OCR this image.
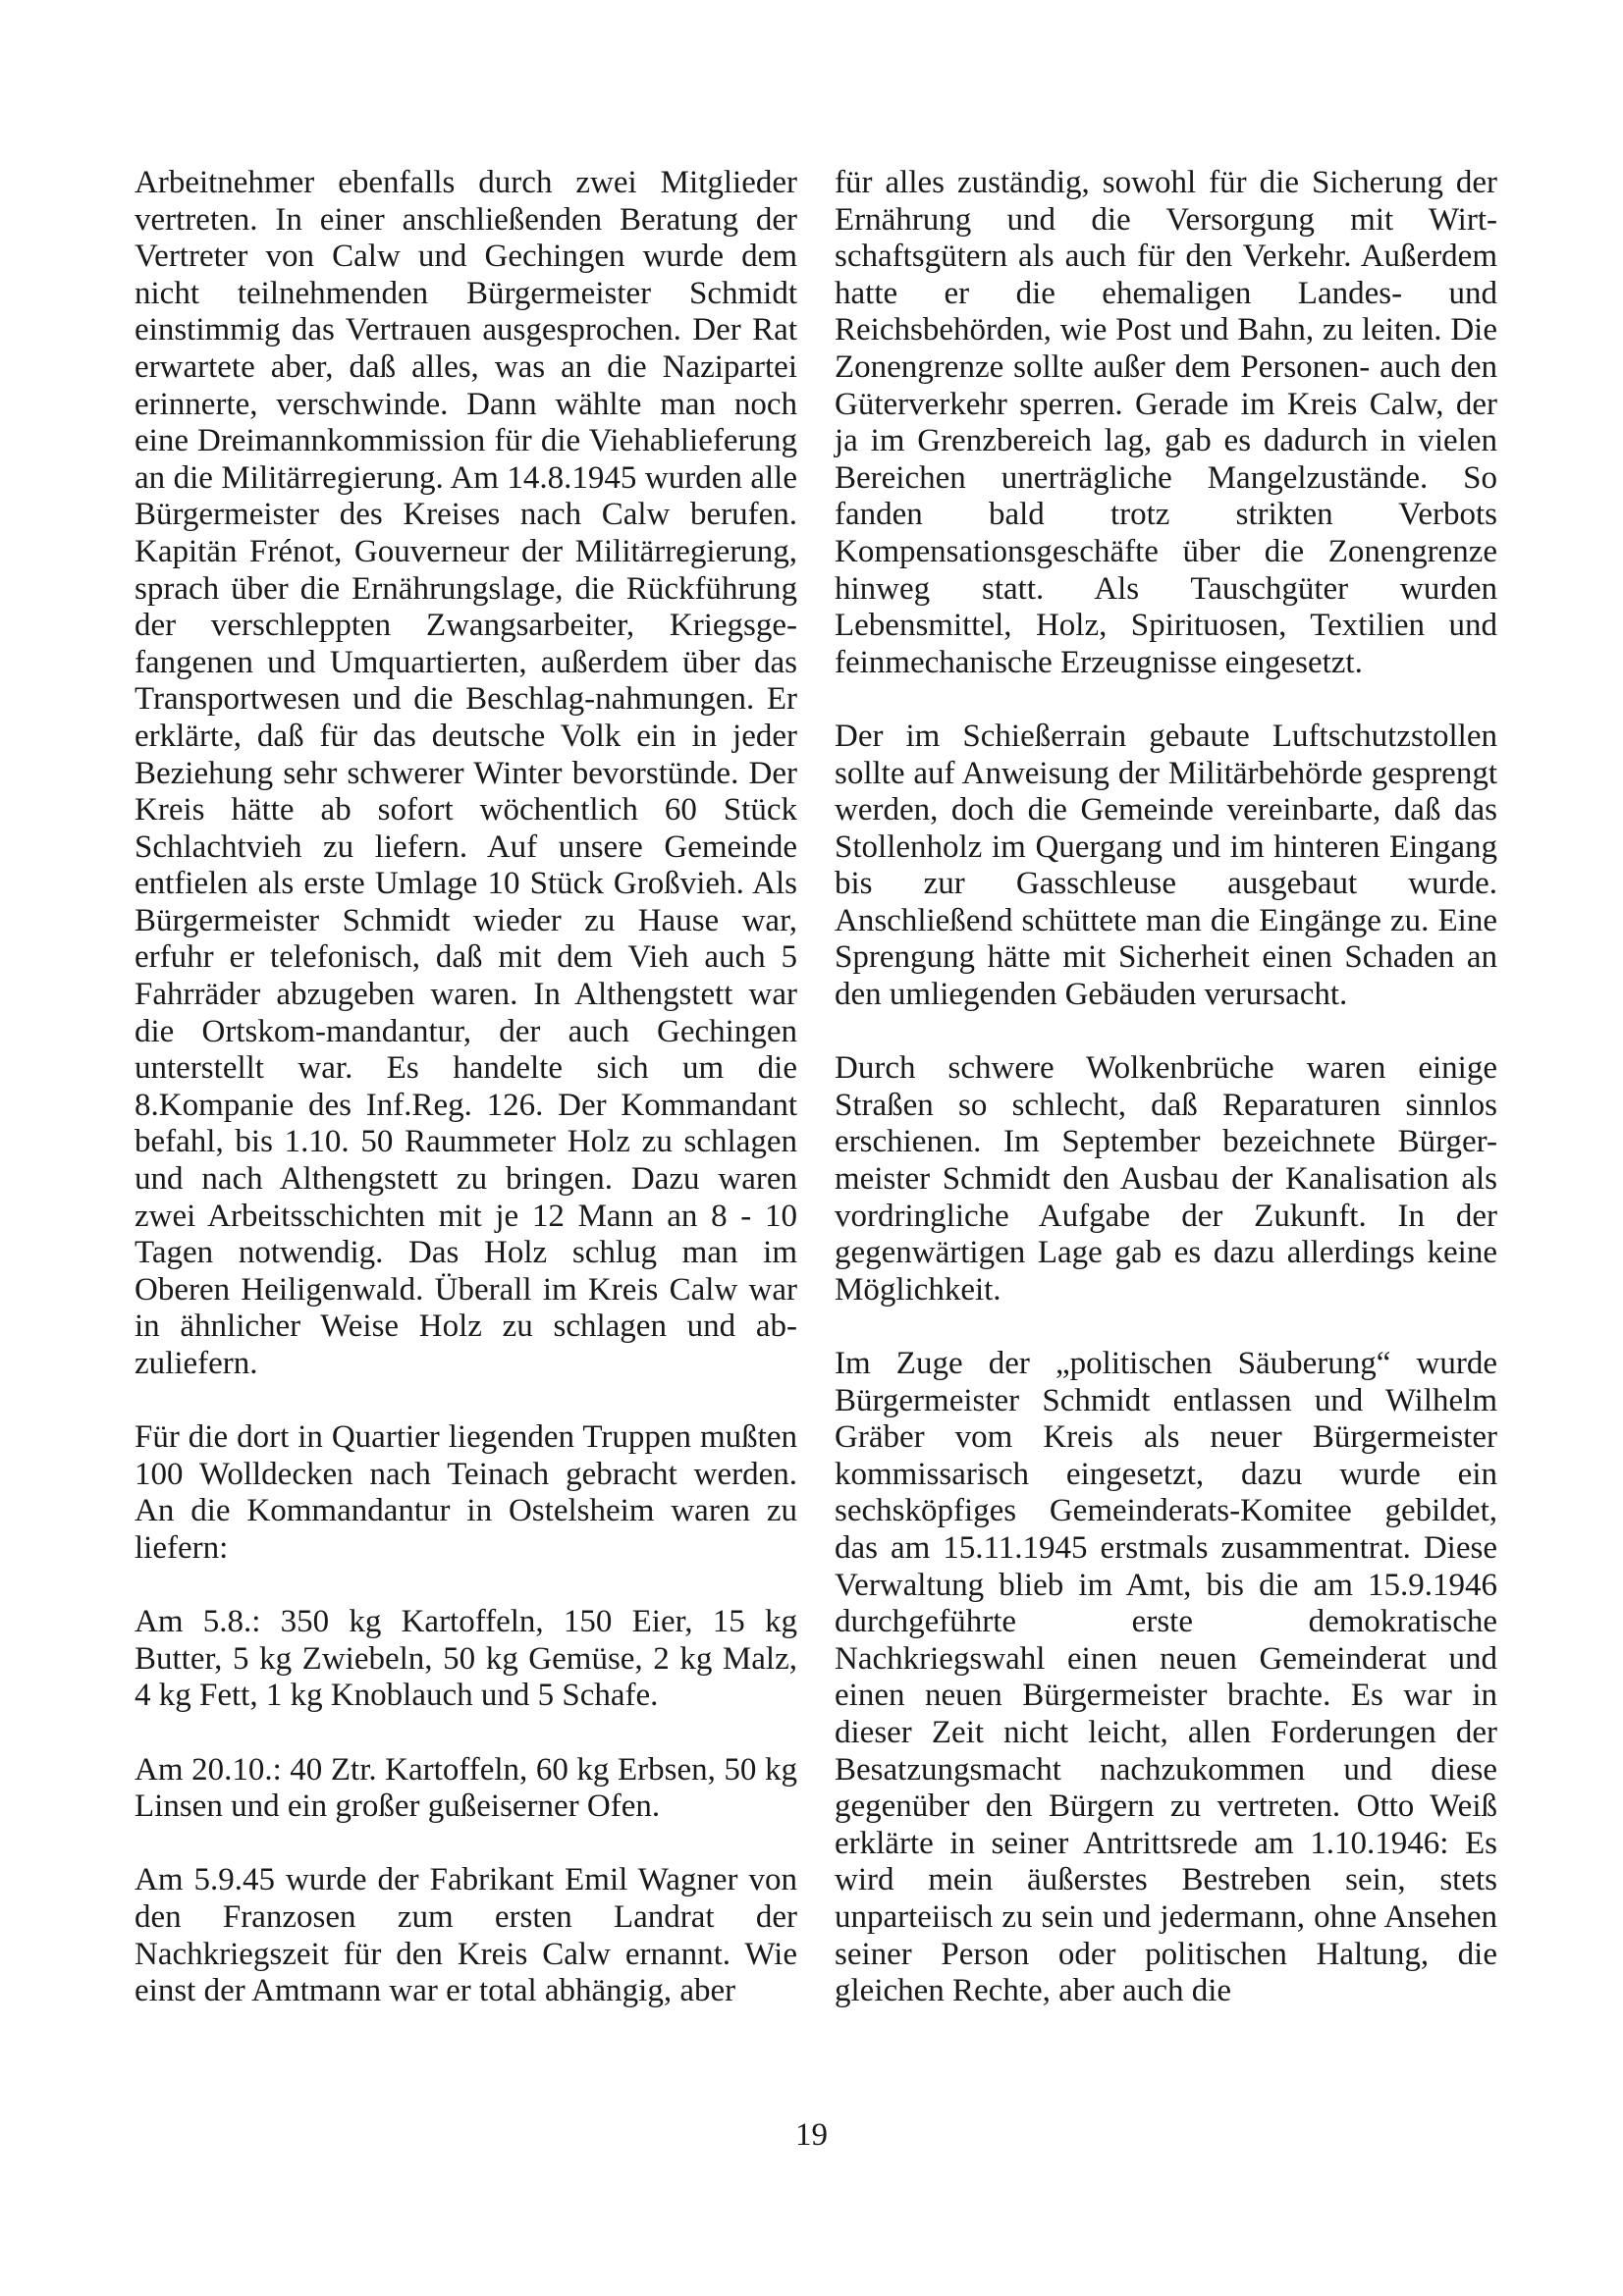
Arbeitnehmer ebenfalls durch zwei Mitglieder vertreten. In einer anschließenden Beratung der Vertreter von Calw und Gechingen wurde dem nicht teilnehmenden Bürgermeister Schmidt einstimmig das Vertrauen ausgesprochen. Der Rat erwartete aber, daß alles, was an die Nazipartei erinnerte, verschwinde. Dann wählte man noch eine Dreimannkommission für die Viehablieferung an die Militärregierung. Am 14.8.1945 wurden alle Bürgermeister des Kreises nach Calw berufen. Kapitän Frénot, Gouverneur der Militärregierung, sprach über die Ernährungslage, die Rückführung der verschleppten Zwangsarbeiter, Kriegsge-fangenen und Umquartierten, außerdem über das Transportwesen und die Beschlag-nahmungen. Er erklärte, daß für das deutsche Volk ein in jeder Beziehung sehr schwerer Winter bevorstünde. Der Kreis hätte ab sofort wöchentlich 60 Stück Schlachtvieh zu liefern. Auf unsere Gemeinde entfielen als erste Umlage 10 Stück Großvieh. Als Bürgermeister Schmidt wieder zu Hause war, erfuhr er telefonisch, daß mit dem Vieh auch 5 Fahrräder abzugeben waren. In Althengstett war die Ortskom-mandantur, der auch Gechingen unterstellt war. Es handelte sich um die 8.Kompanie des Inf.Reg. 126. Der Kommandant befahl, bis 1.10. 50 Raummeter Holz zu schlagen und nach Althengstett zu bringen. Dazu waren zwei Arbeitsschichten mit je 12 Mann an 8 - 10 Tagen notwendig. Das Holz schlug man im Oberen Heiligenwald. Überall im Kreis Calw war in ähnlicher Weise Holz zu schlagen und ab-zuliefern.

Für die dort in Quartier liegenden Truppen mußten 100 Wolldecken nach Teinach gebracht werden. An die Kommandantur in Ostelsheim waren zu liefern:

Am 5.8.: 350 kg Kartoffeln, 150 Eier, 15 kg Butter, 5 kg Zwiebeln, 50 kg Gemüse, 2 kg Malz, 4 kg Fett, 1 kg Knoblauch und 5 Schafe.

Am 20.10.: 40 Ztr. Kartoffeln, 60 kg Erbsen, 50 kg Linsen und ein großer gußeiserner Ofen.

Am 5.9.45 wurde der Fabrikant Emil Wagner von den Franzosen zum ersten Landrat der Nachkriegszeit für den Kreis Calw ernannt. Wie einst der Amtmann war er total abhängig, aber

für alles zuständig, sowohl für die Sicherung der Ernährung und die Versorgung mit Wirt-schaftsgütern als auch für den Verkehr. Außerdem hatte er die ehemaligen Landes- und Reichsbehörden, wie Post und Bahn, zu leiten. Die Zonengrenze sollte außer dem Personen- auch den Güterverkehr sperren. Gerade im Kreis Calw, der ja im Grenzbereich lag, gab es dadurch in vielen Bereichen unerträgliche Mangelzustände. So fanden bald trotz strikten Verbots Kompensationsgeschäfte über die Zonengrenze hinweg statt. Als Tauschgüter wurden Lebensmittel, Holz, Spirituosen, Textilien und feinmechanische Erzeugnisse eingesetzt.

Der im Schießerrain gebaute Luftschutzstollen sollte auf Anweisung der Militärbehörde gesprengt werden, doch die Gemeinde vereinbarte, daß das Stollenholz im Quergang und im hinteren Eingang bis zur Gasschleuse ausgebaut wurde. Anschließend schüttete man die Eingänge zu. Eine Sprengung hätte mit Sicherheit einen Schaden an den umliegenden Gebäuden verursacht.

Durch schwere Wolkenbrüche waren einige Straßen so schlecht, daß Reparaturen sinnlos erschienen. Im September bezeichnete Bürger-meister Schmidt den Ausbau der Kanalisation als vordringliche Aufgabe der Zukunft. In der gegenwärtigen Lage gab es dazu allerdings keine Möglichkeit.

Im Zuge der „politischen Säuberung“ wurde Bürgermeister Schmidt entlassen und Wilhelm Gräber vom Kreis als neuer Bürgermeister kommissarisch eingesetzt, dazu wurde ein sechsköpfiges Gemeinderats-Komitee gebildet, das am 15.11.1945 erstmals zusammentrat. Diese Verwaltung blieb im Amt, bis die am 15.9.1946 durchgeführte erste demokratische Nachkriegswahl einen neuen Gemeinderat und einen neuen Bürgermeister brachte. Es war in dieser Zeit nicht leicht, allen Forderungen der Besatzungsmacht nachzukommen und diese gegenüber den Bürgern zu vertreten. Otto Weiß erklärte in seiner Antrittsrede am 1.10.1946: Es wird mein äußerstes Bestreben sein, stets unparteiisch zu sein und jedermann, ohne Ansehen seiner Person oder politischen Haltung, die gleichen Rechte, aber auch die

19
